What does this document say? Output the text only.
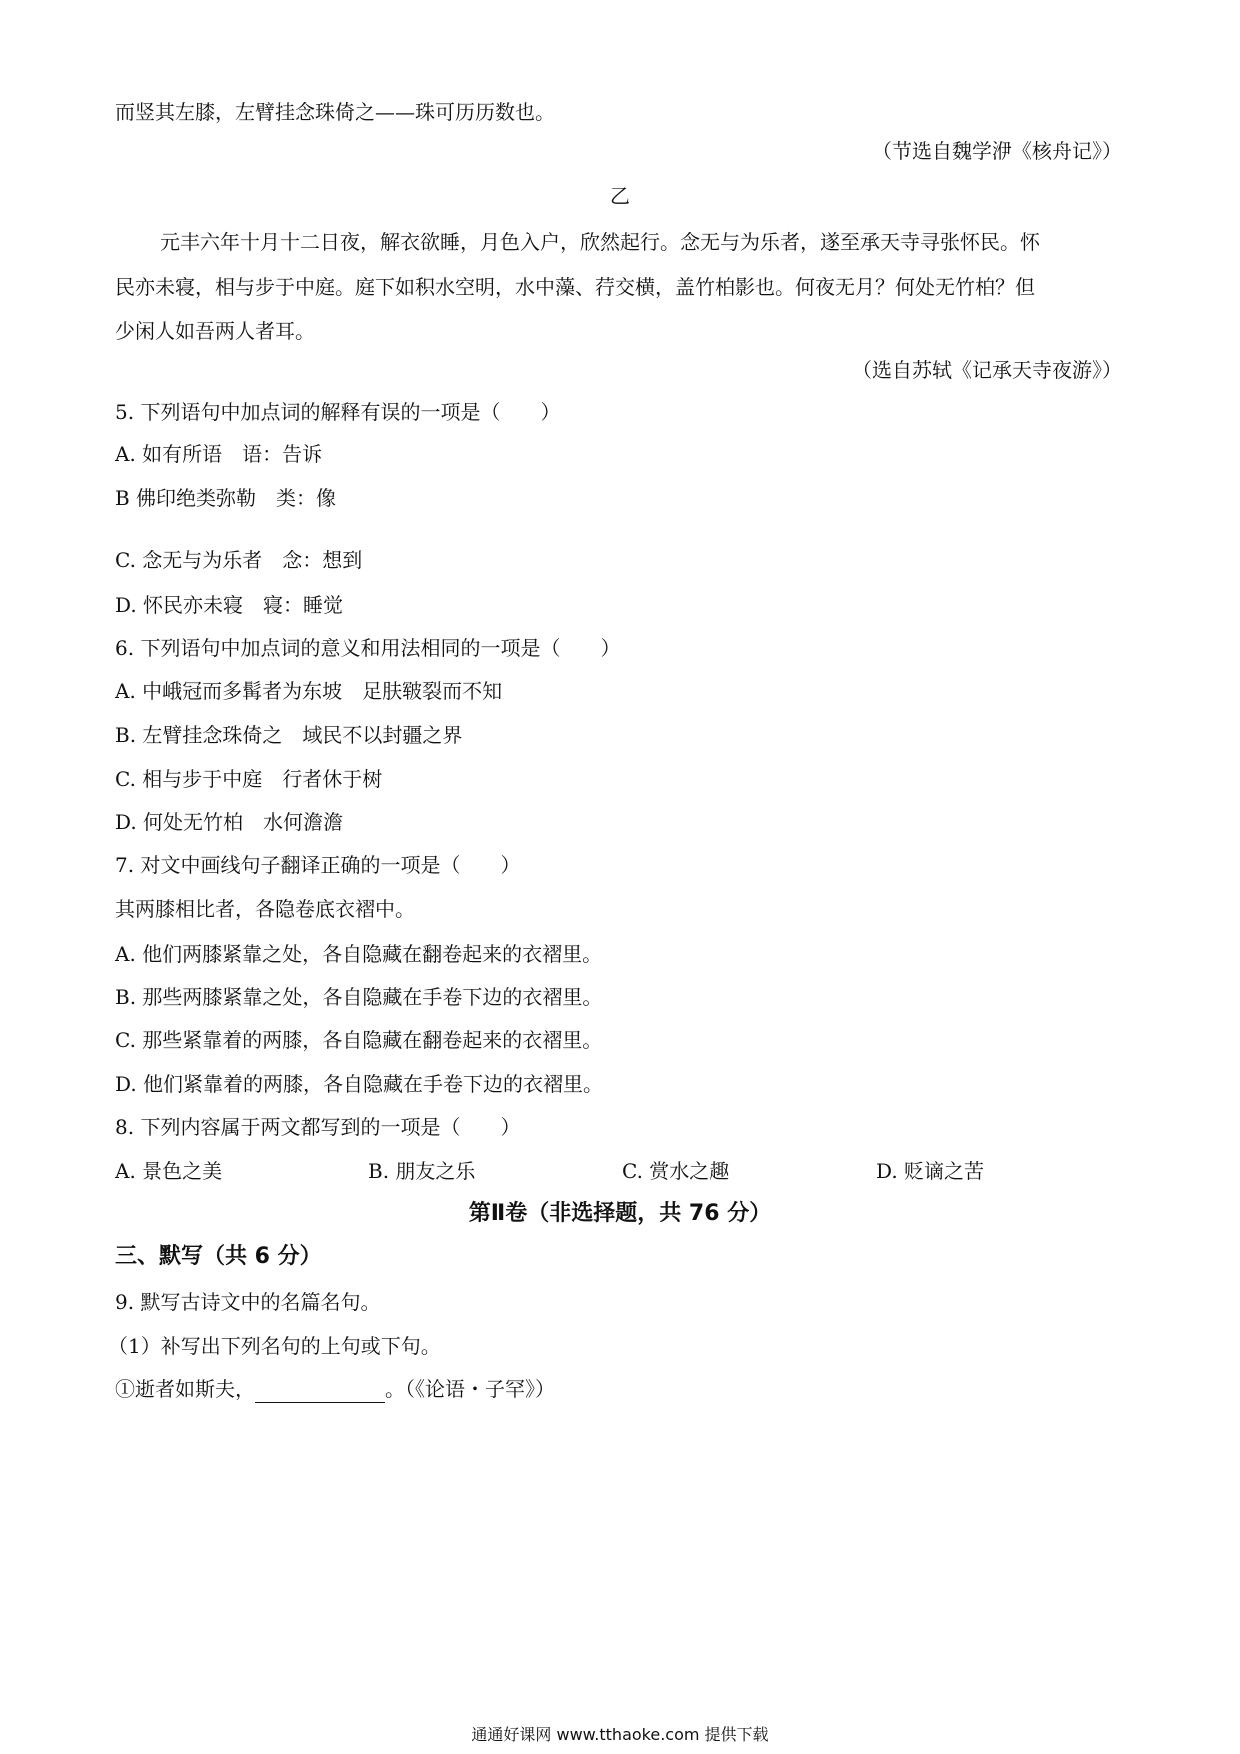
而竖其左膝，左臂挂念珠倚之——珠可历历数也。
（节选自魏学洢《核舟记》）
乙
元丰六年十月十二日夜，解衣欲睡，月色入户，欣然起行。念无与为乐者，遂至承天寺寻张怀民。怀
民亦未寝，相与步于中庭。庭下如积水空明，水中藻、荇交横，盖竹柏影也。何夜无月？何处无竹柏？但
少闲人如吾两人者耳。
（选自苏轼《记承天寺夜游》）
5. 下列语句中加点词的解释有误的一项是（　　）
A. 如有所语　语：告诉
B 佛印绝类弥勒　类：像
C. 念无与为乐者　念：想到
D. 怀民亦未寝　寝：睡觉
6. 下列语句中加点词的意义和用法相同的一项是（　　）
A. 中峨冠而多髯者为东坡　足肤皲裂而不知
B. 左臂挂念珠倚之　域民不以封疆之界
C. 相与步于中庭　行者休于树
D. 何处无竹柏　水何澹澹
7. 对文中画线句子翻译正确的一项是（　　）
其两膝相比者，各隐卷底衣褶中。
A. 他们两膝紧靠之处，各自隐藏在翻卷起来的衣褶里。
B. 那些两膝紧靠之处，各自隐藏在手卷下边的衣褶里。
C. 那些紧靠着的两膝，各自隐藏在翻卷起来的衣褶里。
D. 他们紧靠着的两膝，各自隐藏在手卷下边的衣褶里。
8. 下列内容属于两文都写到的一项是（　　）
A. 景色之美	B. 朋友之乐	C. 赏水之趣	D. 贬谪之苦
第Ⅱ卷（非选择题，共 76 分）
三、默写（共 6 分）
9. 默写古诗文中的名篇名句。
（1）补写出下列名句的上句或下句。
①逝者如斯夫，	。（《论语・子罕》）
通通好课网 www.tthaoke.com 提供下载
